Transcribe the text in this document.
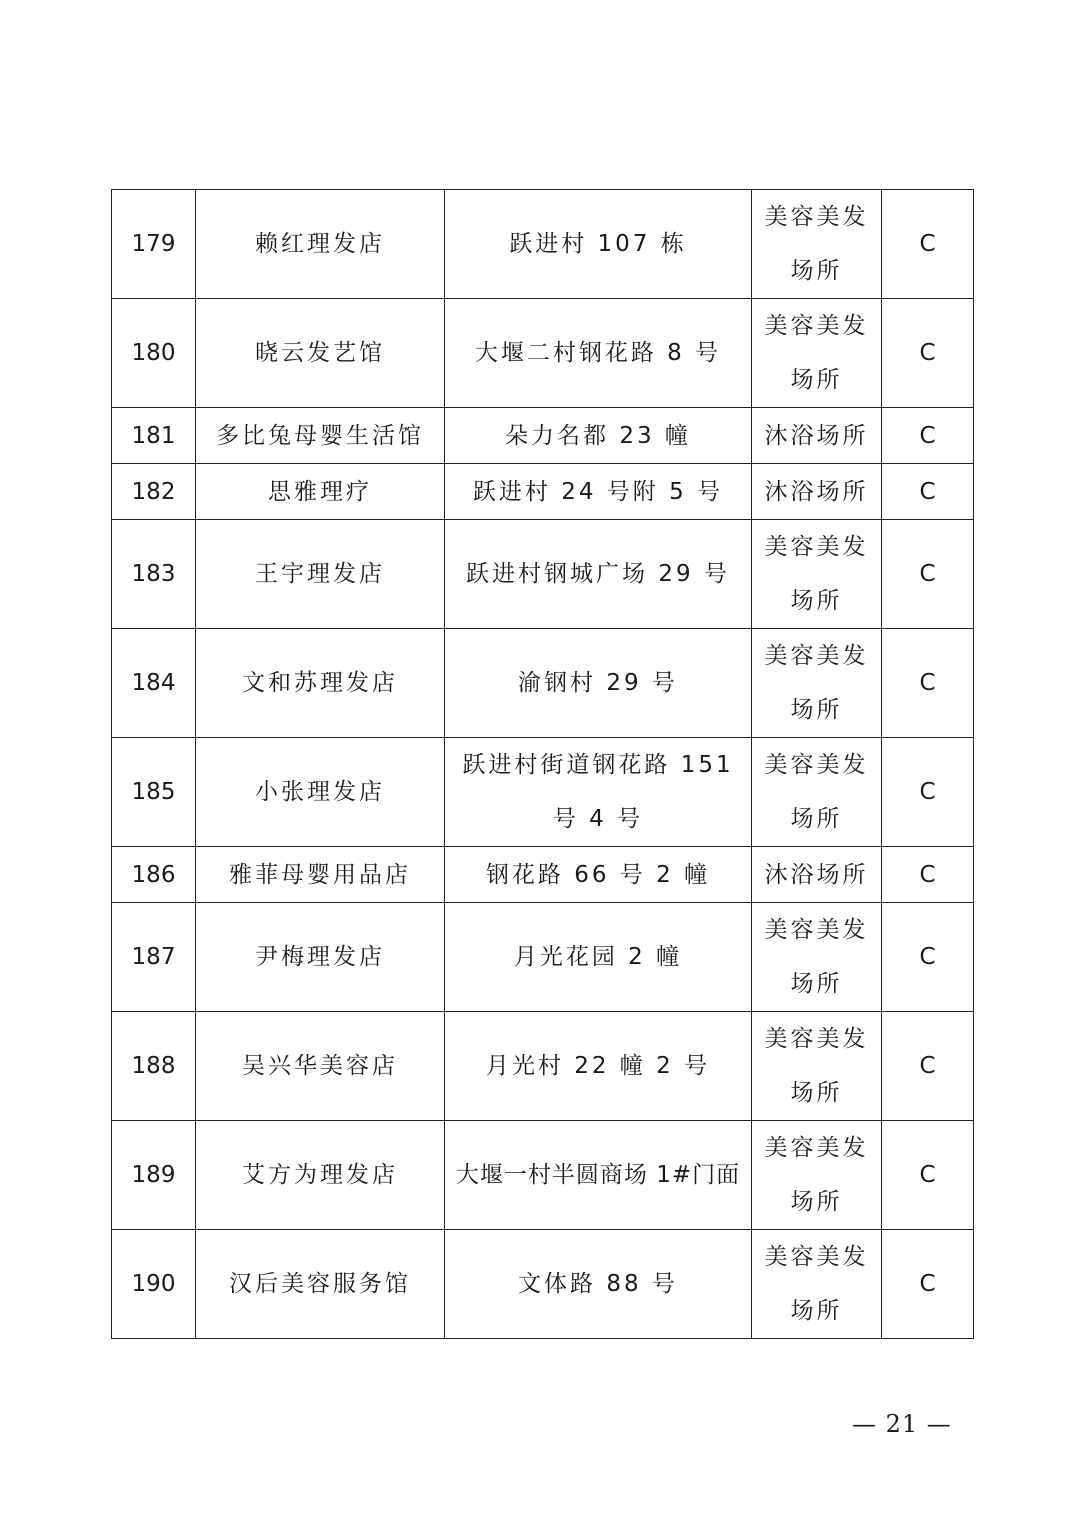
179	赖红理发店	跃进村 107 栋	美容美发场所	C
180	晓云发艺馆	大堰二村钢花路 8 号	美容美发场所	C
181	多比兔母婴生活馆	朵力名都 23 幢	沐浴场所	C
182	思雅理疗	跃进村 24 号附 5 号	沐浴场所	C
183	王宇理发店	跃进村钢城广场 29 号	美容美发场所	C
184	文和苏理发店	渝钢村 29 号	美容美发场所	C
185	小张理发店	跃进村街道钢花路 151 号 4 号	美容美发场所	C
186	雅菲母婴用品店	钢花路 66 号 2 幢	沐浴场所	C
187	尹梅理发店	月光花园 2 幢	美容美发场所	C
188	吴兴华美容店	月光村 22 幢 2 号	美容美发场所	C
189	艾方为理发店	大堰一村半圆商场 1#门面	美容美发场所	C
190	汉后美容服务馆	文体路 88 号	美容美发场所	C
— 21 —
